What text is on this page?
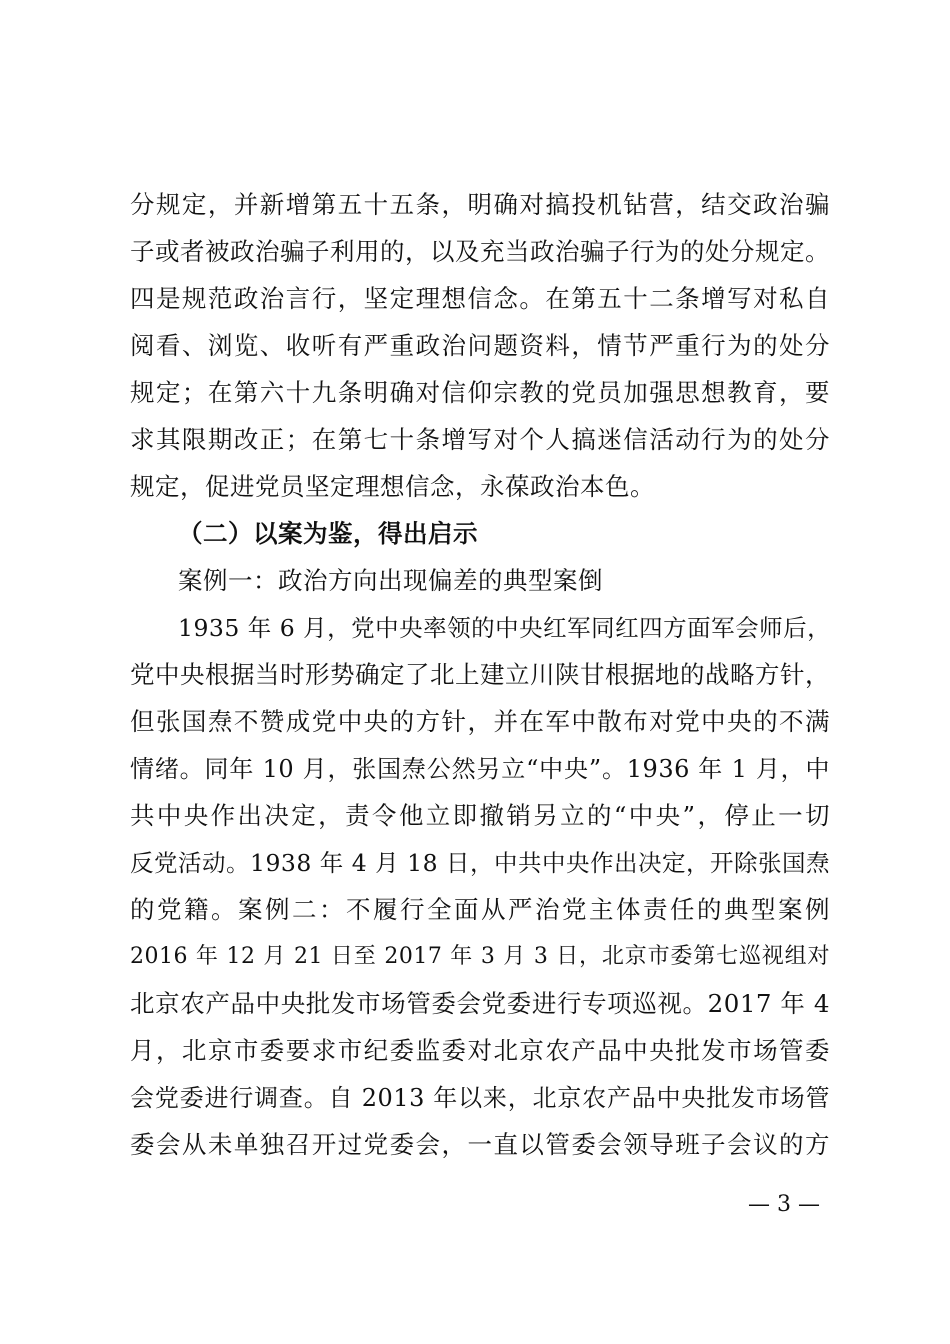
分规定，并新增第五十五条，明确对搞投机钻营，结交政治骗
子或者被政治骗子利用的，以及充当政治骗子行为的处分规定。
四是规范政治言行，坚定理想信念。在第五十二条增写对私自
阅看、浏览、收听有严重政治问题资料，情节严重行为的处分
规定；在第六十九条明确对信仰宗教的党员加强思想教育，要
求其限期改正；在第七十条增写对个人搞迷信活动行为的处分
规定，促进党员坚定理想信念，永葆政治本色。
（二）以案为鉴，得出启示
案例一：政治方向出现偏差的典型案倒
1935 年 6 月，党中央率领的中央红军同红四方面军会师后，
党中央根据当时形势确定了北上建立川陕甘根据地的战略方针，
但张国焘不赞成党中央的方针，并在军中散布对党中央的不满
情绪。同年 10 月，张国焘公然另立“中央”。1936 年 1 月，中
共中央作出决定，责令他立即撤销另立的“中央”，停止一切
反党活动。1938 年 4 月 18 日，中共中央作出决定，开除张国焘
的党籍。案例二：不履行全面从严治党主体责任的典型案例
2016 年 12 月 21 日至 2017 年 3 月 3 日，北京市委第七巡视组对
北京农产品中央批发市场管委会党委进行专项巡视。2017 年 4
月，北京市委要求市纪委监委对北京农产品中央批发市场管委
会党委进行调查。自 2013 年以来，北京农产品中央批发市场管
委会从未单独召开过党委会，一直以管委会领导班子会议的方
— 3 —
